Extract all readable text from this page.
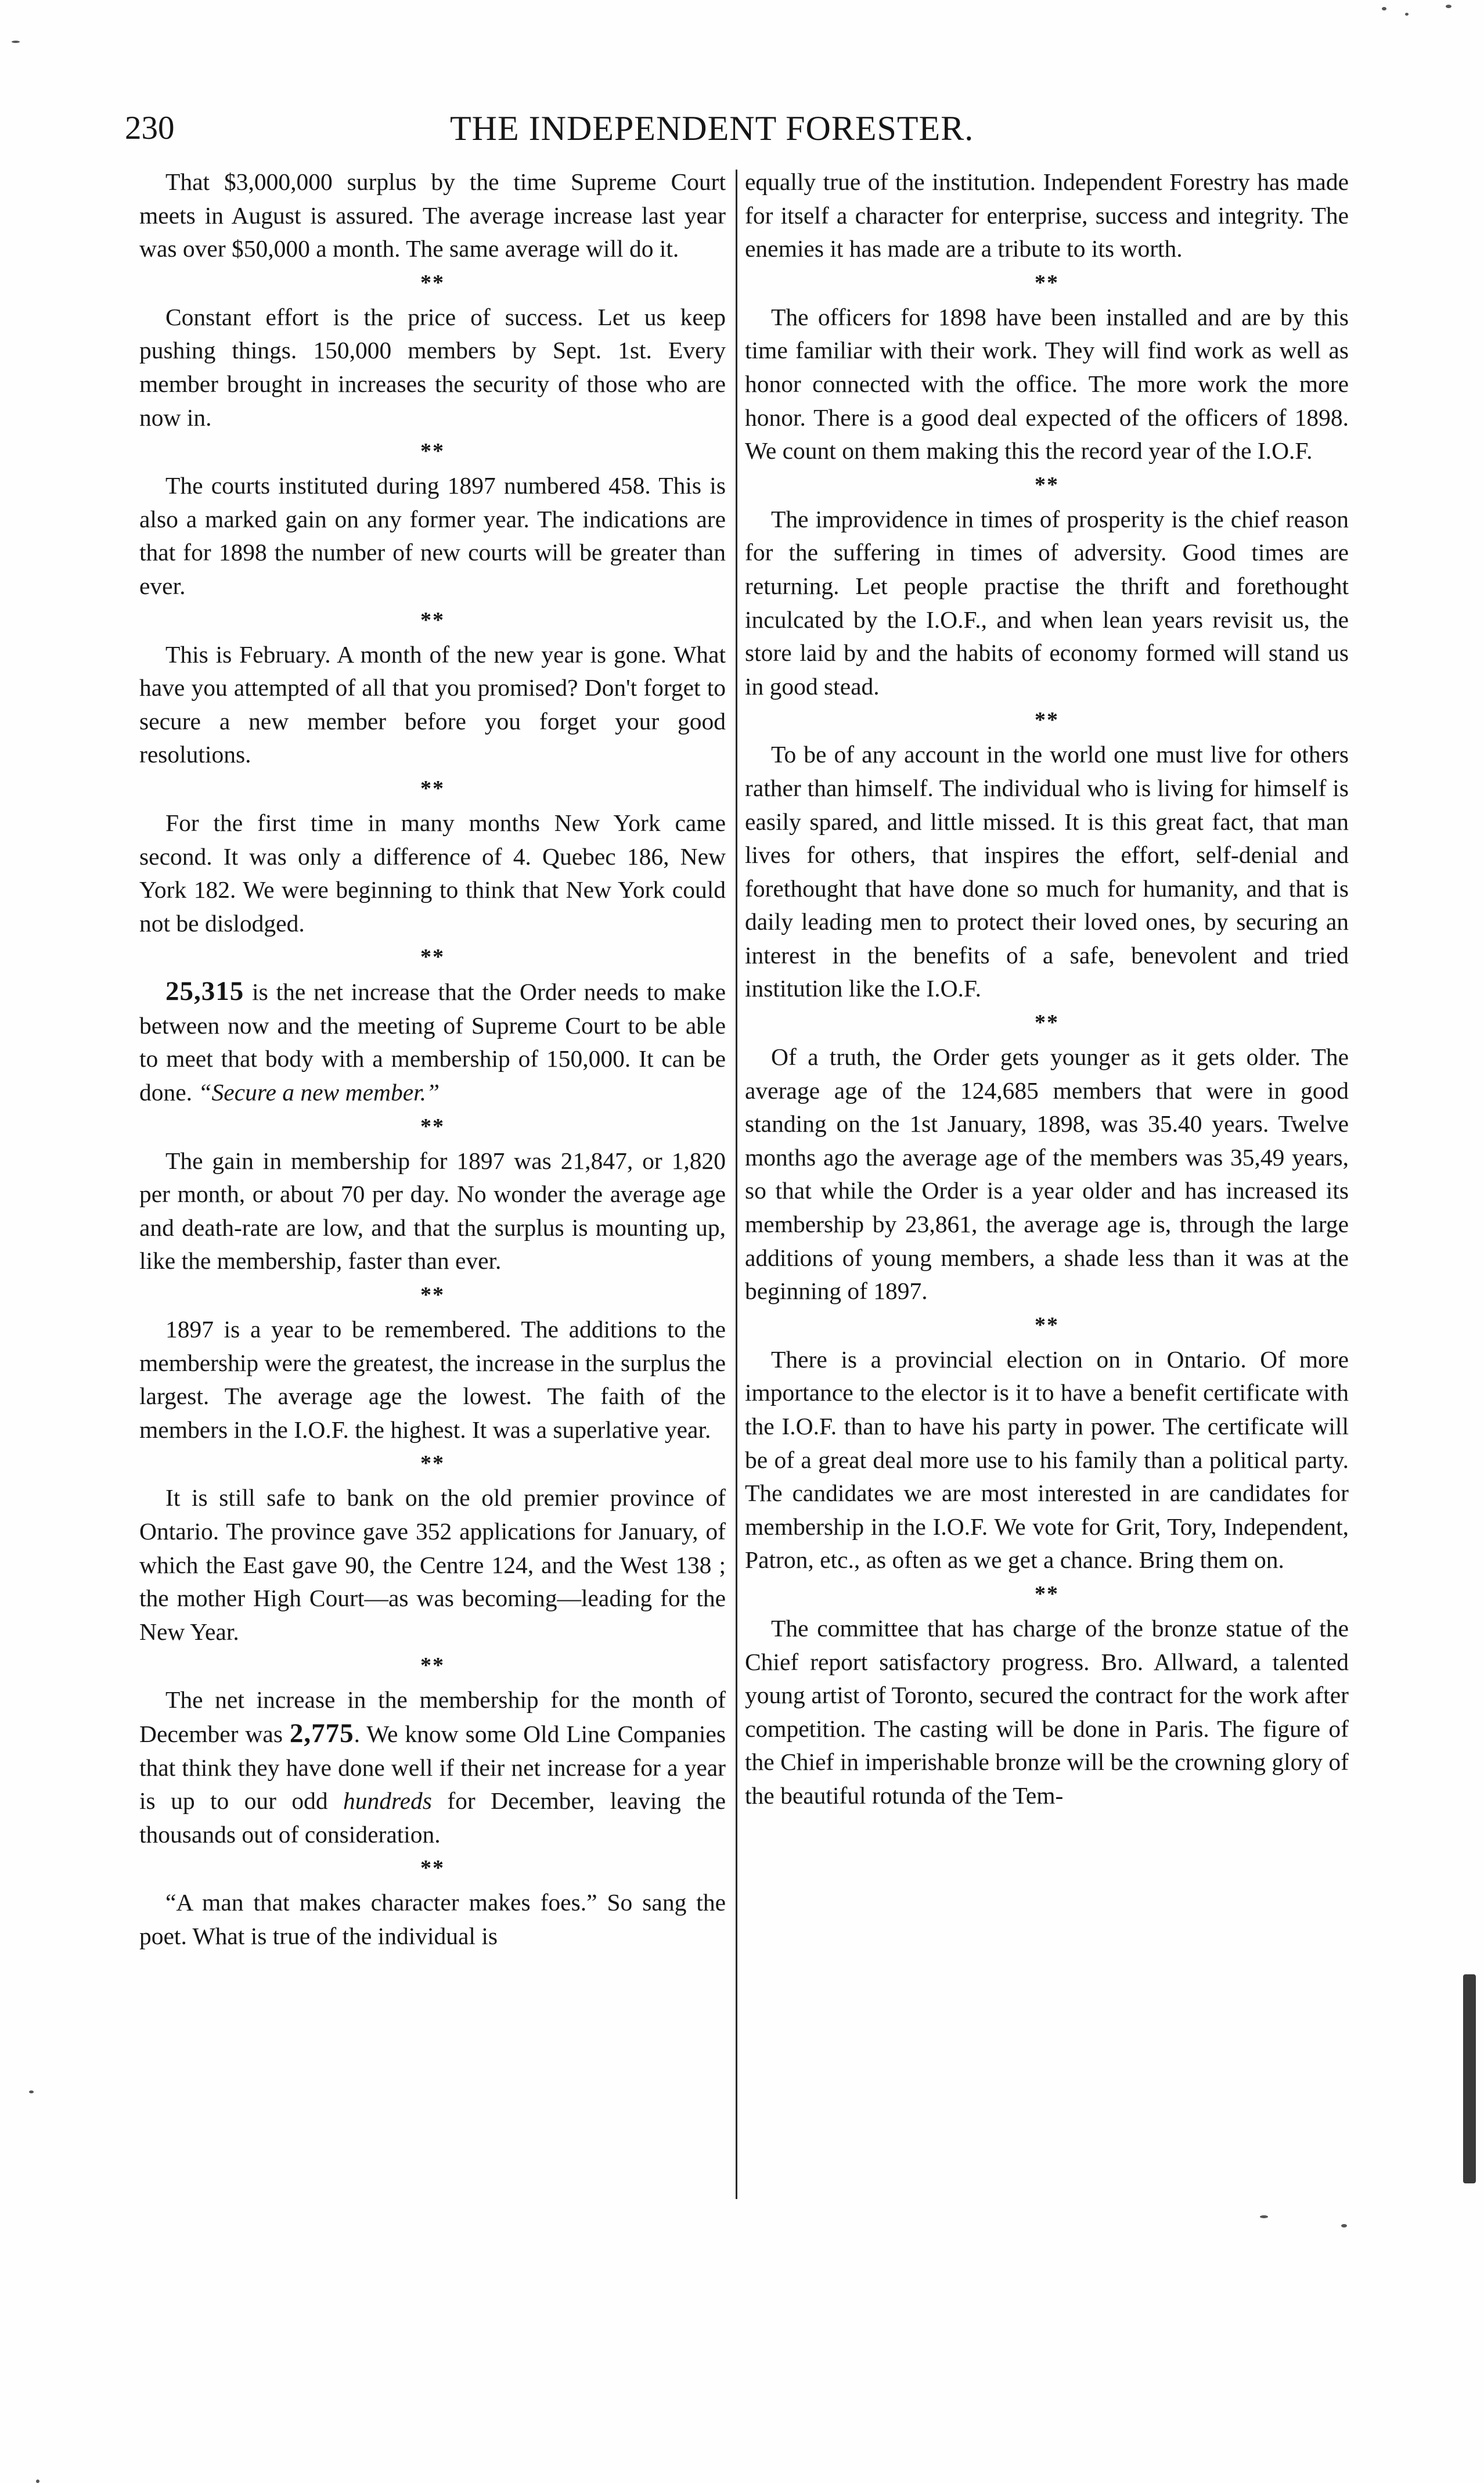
230	THE INDEPENDENT FORESTER.

That $3,000,000 surplus by the time Supreme Court meets in August is assured. The average increase last year was over $50,000 a month. The same average will do it.

**

Constant effort is the price of success. Let us keep pushing things. 150,000 members by Sept. 1st. Every member brought in increases the security of those who are now in.

**

The courts instituted during 1897 numbered 458. This is also a marked gain on any former year. The indications are that for 1898 the number of new courts will be greater than ever.

**

This is February. A month of the new year is gone. What have you attempted of all that you promised? Don't forget to secure a new member before you forget your good resolutions.

**

For the first time in many months New York came second. It was only a difference of 4. Quebec 186, New York 182. We were beginning to think that New York could not be dislodged.

**

25,315 is the net increase that the Order needs to make between now and the meeting of Supreme Court to be able to meet that body with a membership of 150,000. It can be done. “Secure a new member.”

**

The gain in membership for 1897 was 21,847, or 1,820 per month, or about 70 per day. No wonder the average age and death-rate are low, and that the surplus is mounting up, like the membership, faster than ever.

**

1897 is a year to be remembered. The additions to the membership were the greatest, the increase in the surplus the largest. The average age the lowest. The faith of the members in the I.O.F. the highest. It was a superlative year.

**

It is still safe to bank on the old premier province of Ontario. The province gave 352 applications for January, of which the East gave 90, the Centre 124, and the West 138 ; the mother High Court—as was becoming—leading for the New Year.

**

The net increase in the membership for the month of December was 2,775. We know some Old Line Companies that think they have done well if their net increase for a year is up to our odd hundreds for December, leaving the thousands out of consideration.

**

“A man that makes character makes foes.” So sang the poet. What is true of the individual is

equally true of the institution. Independent Forestry has made for itself a character for enterprise, success and integrity. The enemies it has made are a tribute to its worth.

**

The officers for 1898 have been installed and are by this time familiar with their work. They will find work as well as honor connected with the office. The more work the more honor. There is a good deal expected of the officers of 1898. We count on them making this the record year of the I.O.F.

**

The improvidence in times of prosperity is the chief reason for the suffering in times of adversity. Good times are returning. Let people practise the thrift and forethought inculcated by the I.O.F., and when lean years revisit us, the store laid by and the habits of economy formed will stand us in good stead.

**

To be of any account in the world one must live for others rather than himself. The individual who is living for himself is easily spared, and little missed. It is this great fact, that man lives for others, that inspires the effort, self-denial and forethought that have done so much for humanity, and that is daily leading men to protect their loved ones, by securing an interest in the benefits of a safe, benevolent and tried institution like the I.O.F.

**

Of a truth, the Order gets younger as it gets older. The average age of the 124,685 members that were in good standing on the 1st January, 1898, was 35.40 years. Twelve months ago the average age of the members was 35,49 years, so that while the Order is a year older and has increased its membership by 23,861, the average age is, through the large additions of young members, a shade less than it was at the beginning of 1897.

**

There is a provincial election on in Ontario. Of more importance to the elector is it to have a benefit certificate with the I.O.F. than to have his party in power. The certificate will be of a great deal more use to his family than a political party. The candidates we are most interested in are candidates for membership in the I.O.F. We vote for Grit, Tory, Independent, Patron, etc., as often as we get a chance. Bring them on.

**

The committee that has charge of the bronze statue of the Chief report satisfactory progress. Bro. Allward, a talented young artist of Toronto, secured the contract for the work after competition. The casting will be done in Paris. The figure of the Chief in imperishable bronze will be the crowning glory of the beautiful rotunda of the Tem-
